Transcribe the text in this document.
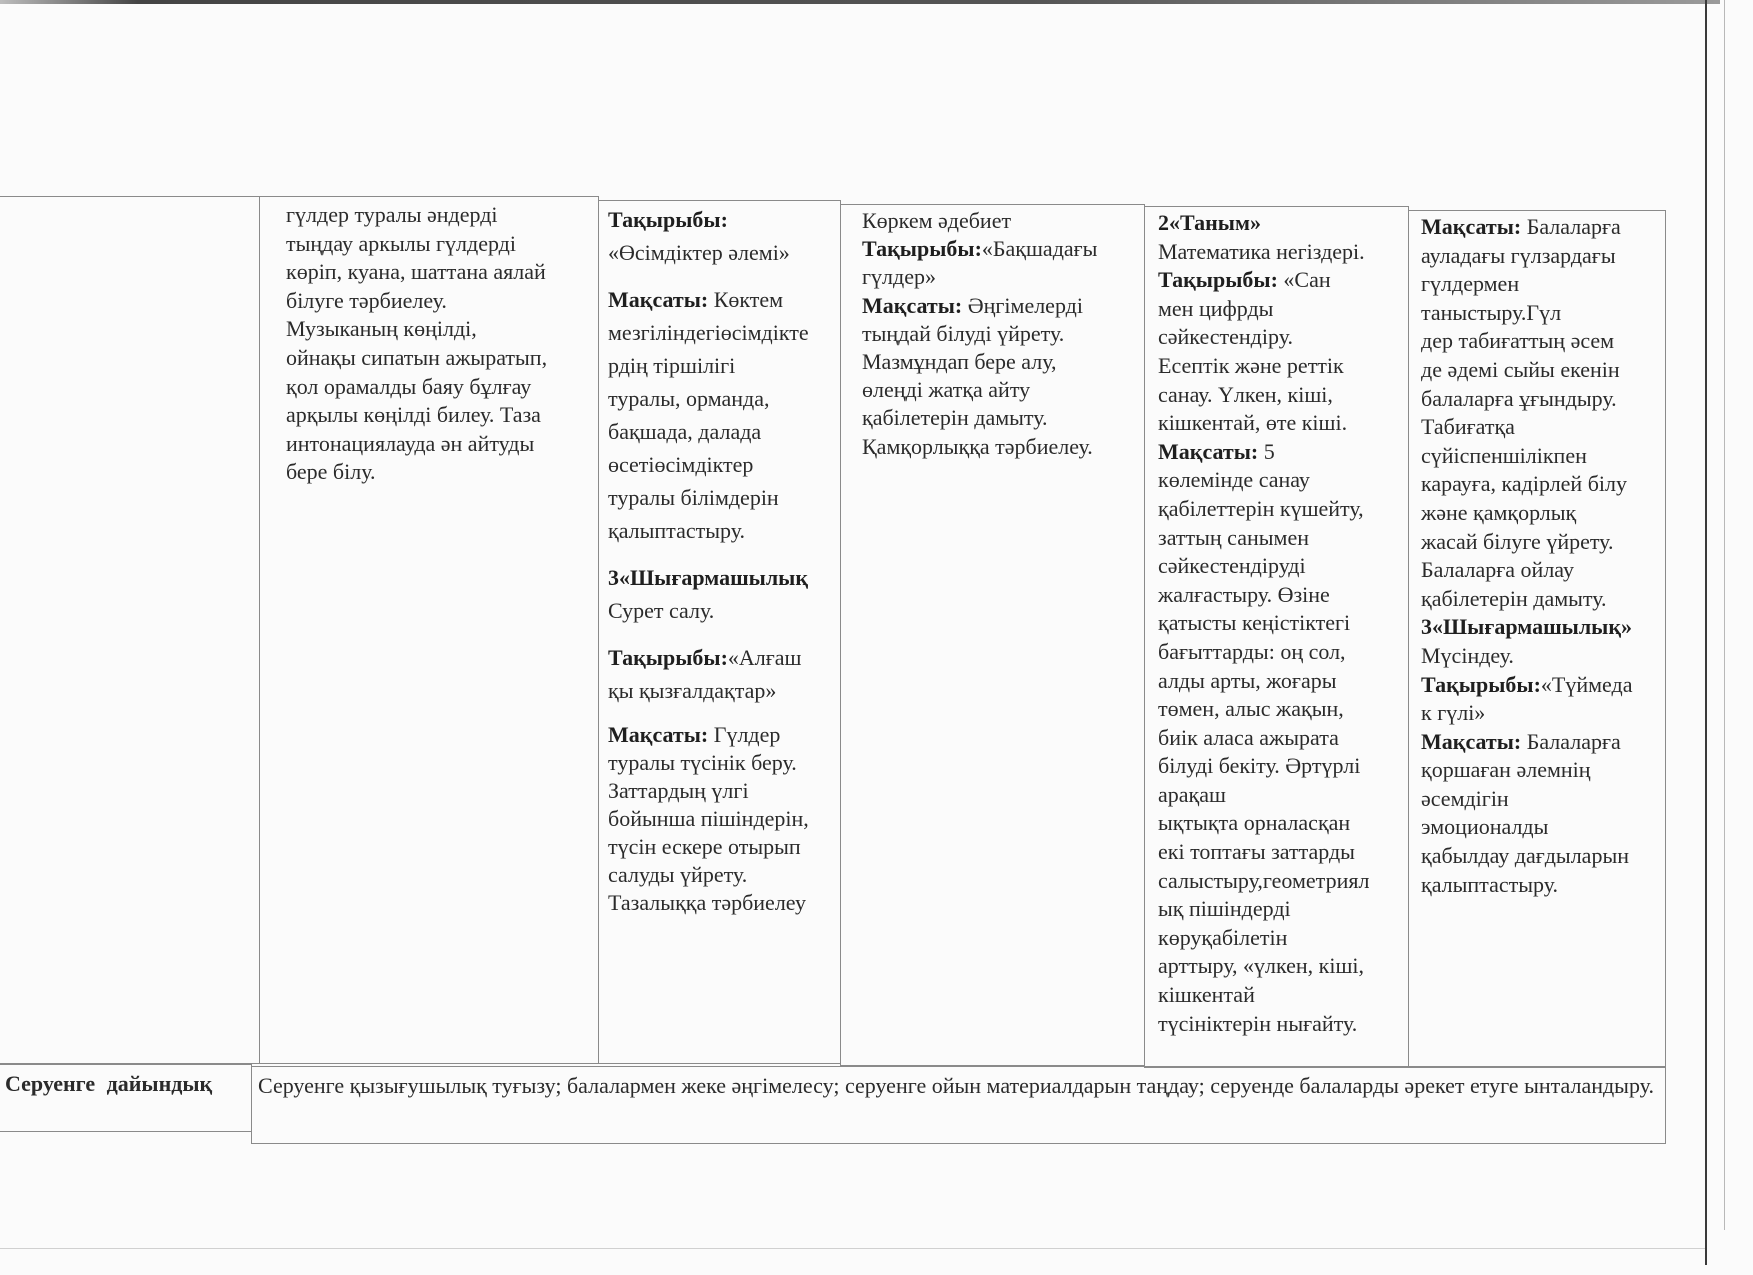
гүлдер туралы әндерді
тыңдау аркылы гүлдерді
көріп, куана, шаттана аялай
білуге тәрбиелеу.
Музыканың көңілді,
ойнақы сипатын ажыратып,
қол орамалды баяу бұлғау
арқылы көңілді билеу. Таза
интонациялауда ән айтуды
бере білу.
Тақырыбы:
«Өсімдіктер әлемі»
Мақсаты: Көктем
мезгіліндегіөсімдікте
рдің тіршілігі
туралы, орманда,
бақшада, далада
өсетіөсімдіктер
туралы білімдерін
қалыптастыру.
3«Шығармашылық
Сурет салу.
Тақырыбы:«Алғаш
қы қызғалдақтар»
Мақсаты: Гүлдер
туралы түсінік беру.
Заттардың үлгі
бойынша пішіндерін,
түсін ескере отырып
салуды үйрету.
Тазалыққа тәрбиелеу
Көркем әдебиет
Тақырыбы:«Бақшадағы
гүлдер»
Мақсаты: Әңгімелерді
тыңдай білуді үйрету.
Мазмұндап бере алу,
өлеңді жатқа айту
қабілетерін дамыту.
Қамқорлыққа тәрбиелеу.
2«Таным»
Математика негіздері.
Тақырыбы: «Сан
мен цифрды
сәйкестендіру.
Есептік және реттік
санау. Үлкен, кіші,
кішкентай, өте кіші.
Мақсаты: 5
көлемінде санау
қабілеттерін күшейту,
заттың санымен
сәйкестендіруді
жалғастыру. Өзіне
қатысты кеңістіктегі
бағыттарды: оң сол,
алды арты, жоғары
төмен, алыс жақын,
биік аласа ажырата
білуді бекіту. Әртүрлі
арақаш
ықтықта орналасқан
екі топтағы заттарды
салыстыру,геометриял
ық пішіндерді
көруқабілетін
арттыру, «үлкен, кіші,
кішкентай
түсініктерін нығайту.
Мақсаты: Балаларға
ауладағы гүлзардағы
гүлдермен
таныстыру.Гүл
дер табиғаттың әсем
де әдемі сыйы екенін
балаларға ұғындыру.
Табиғатқа
сүйіспеншілікпен
карауға, кадірлей білу
және қамқорлық
жасай білуге үйрету.
Балаларға ойлау
қабілетерін дамыту.
3«Шығармашылық»
Мүсіндеу.
Тақырыбы:«Түймеда
к гүлі»
Мақсаты: Балаларға
қоршаған әлемнің
әсемдігін
эмоционалды
қабылдау дағдыларын
қалыптастыру.
Серуенге дайындық	Серуенге қызығушылық туғызу; балалармен жеке әңгімелесу; серуенге ойын материалдарын таңдау; серуенде балаларды әрекет етуге ынталандыру.
